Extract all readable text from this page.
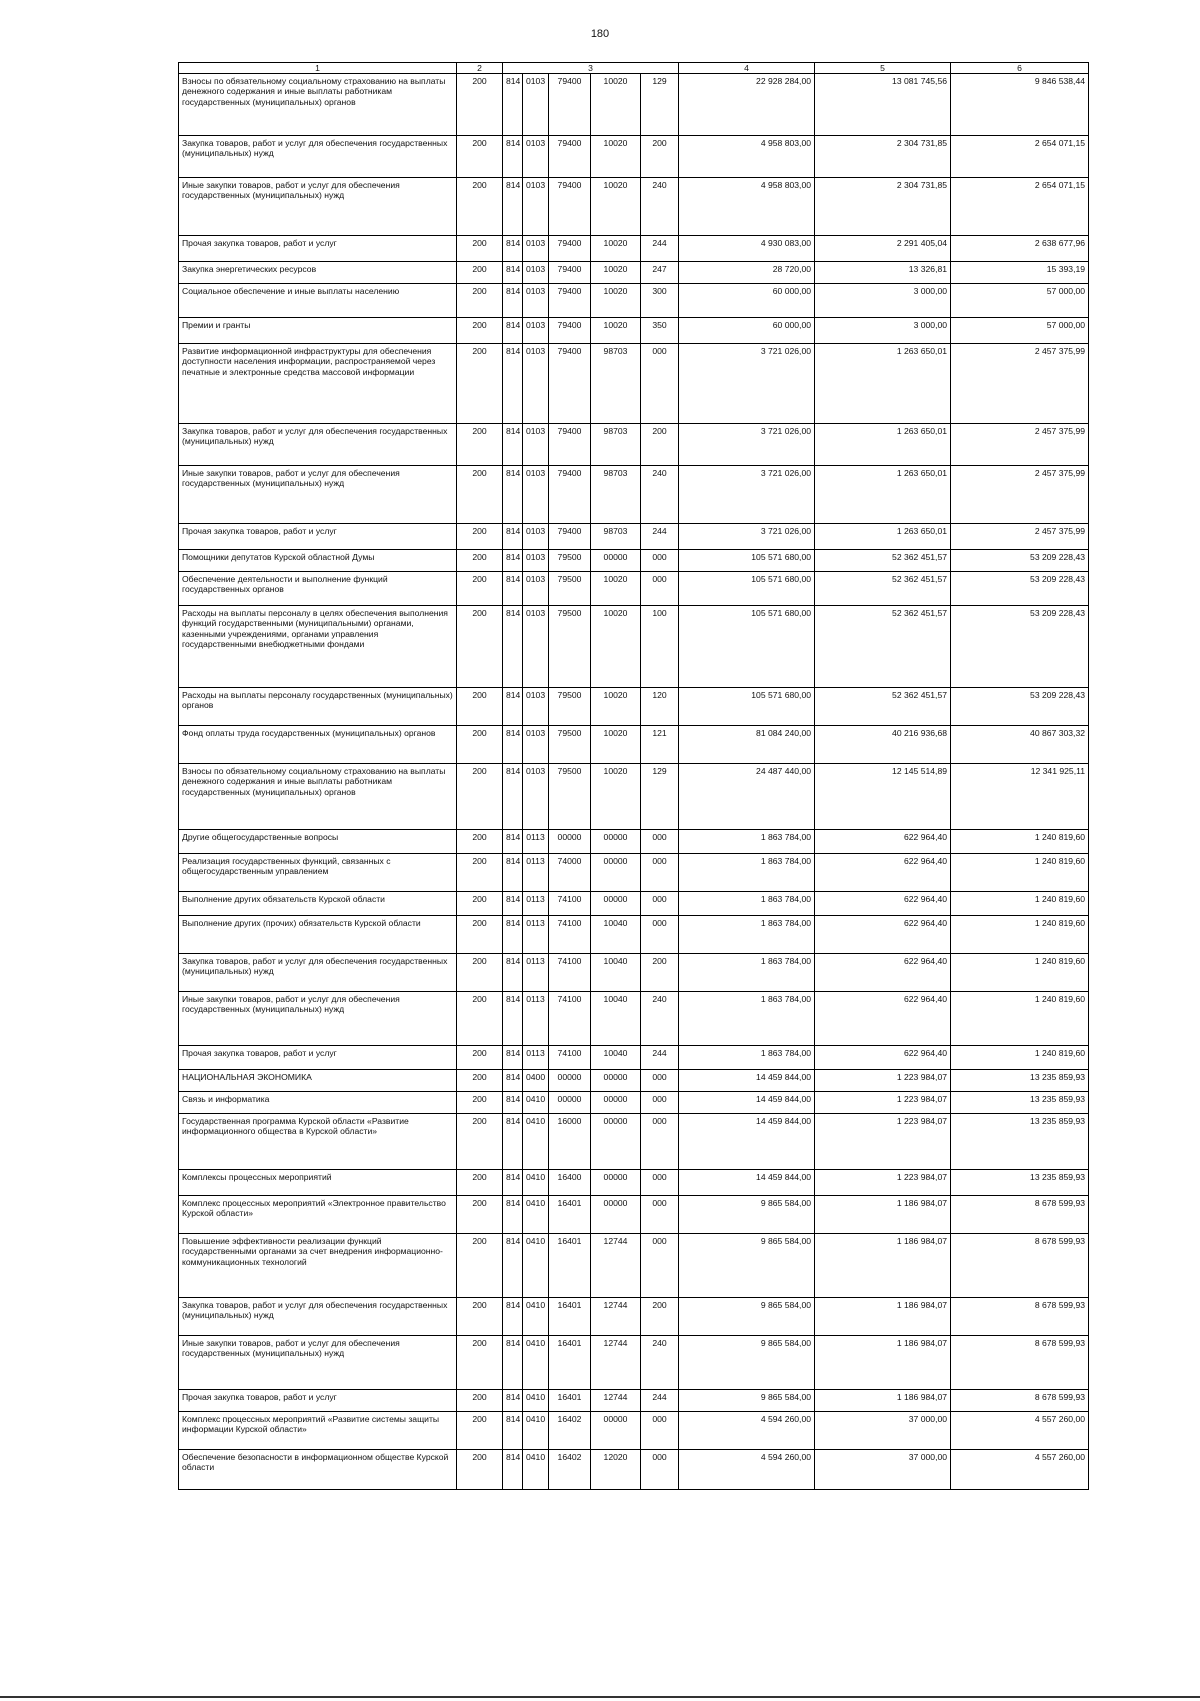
180
1	2	3					4	5	6
Взносы по обязательному социальному страхованию на выплаты денежного содержания и иные выплаты работникам государственных (муниципальных) органов	200	814	0103	79400	10020	129	22 928 284,00	13 081 745,56	9 846 538,44
Закупка товаров, работ и услуг для обеспечения государственных (муниципальных) нужд	200	814	0103	79400	10020	200	4 958 803,00	2 304 731,85	2 654 071,15
Иные закупки товаров, работ и услуг для обеспечения государственных (муниципальных) нужд	200	814	0103	79400	10020	240	4 958 803,00	2 304 731,85	2 654 071,15
Прочая закупка товаров, работ и услуг	200	814	0103	79400	10020	244	4 930 083,00	2 291 405,04	2 638 677,96
Закупка энергетических ресурсов	200	814	0103	79400	10020	247	28 720,00	13 326,81	15 393,19
Социальное обеспечение и иные выплаты населению	200	814	0103	79400	10020	300	60 000,00	3 000,00	57 000,00
Премии и гранты	200	814	0103	79400	10020	350	60 000,00	3 000,00	57 000,00
Развитие информационной инфраструктуры для обеспечения доступности населения информации, распространяемой через печатные и электронные средства массовой информации	200	814	0103	79400	98703	000	3 721 026,00	1 263 650,01	2 457 375,99
Закупка товаров, работ и услуг для обеспечения государственных (муниципальных) нужд	200	814	0103	79400	98703	200	3 721 026,00	1 263 650,01	2 457 375,99
Иные закупки товаров, работ и услуг для обеспечения государственных (муниципальных) нужд	200	814	0103	79400	98703	240	3 721 026,00	1 263 650,01	2 457 375,99
Прочая закупка товаров, работ и услуг	200	814	0103	79400	98703	244	3 721 026,00	1 263 650,01	2 457 375,99
Помощники депутатов Курской областной Думы	200	814	0103	79500	00000	000	105 571 680,00	52 362 451,57	53 209 228,43
Обеспечение деятельности и выполнение функций государственных органов	200	814	0103	79500	10020	000	105 571 680,00	52 362 451,57	53 209 228,43
Расходы на выплаты персоналу в целях обеспечения выполнения функций государственными (муниципальными) органами, казенными учреждениями, органами управления государственными внебюджетными фондами	200	814	0103	79500	10020	100	105 571 680,00	52 362 451,57	53 209 228,43
Расходы на выплаты персоналу государственных (муниципальных) органов	200	814	0103	79500	10020	120	105 571 680,00	52 362 451,57	53 209 228,43
Фонд оплаты труда государственных (муниципальных) органов	200	814	0103	79500	10020	121	81 084 240,00	40 216 936,68	40 867 303,32
Взносы по обязательному социальному страхованию на выплаты денежного содержания и иные выплаты работникам государственных (муниципальных) органов	200	814	0103	79500	10020	129	24 487 440,00	12 145 514,89	12 341 925,11
Другие общегосударственные вопросы	200	814	0113	00000	00000	000	1 863 784,00	622 964,40	1 240 819,60
Реализация государственных функций, связанных с общегосударственным управлением	200	814	0113	74000	00000	000	1 863 784,00	622 964,40	1 240 819,60
Выполнение других обязательств Курской области	200	814	0113	74100	00000	000	1 863 784,00	622 964,40	1 240 819,60
Выполнение других (прочих) обязательств Курской области	200	814	0113	74100	10040	000	1 863 784,00	622 964,40	1 240 819,60
Закупка товаров, работ и услуг для обеспечения государственных (муниципальных) нужд	200	814	0113	74100	10040	200	1 863 784,00	622 964,40	1 240 819,60
Иные закупки товаров, работ и услуг для обеспечения государственных (муниципальных) нужд	200	814	0113	74100	10040	240	1 863 784,00	622 964,40	1 240 819,60
Прочая закупка товаров, работ и услуг	200	814	0113	74100	10040	244	1 863 784,00	622 964,40	1 240 819,60
НАЦИОНАЛЬНАЯ ЭКОНОМИКА	200	814	0400	00000	00000	000	14 459 844,00	1 223 984,07	13 235 859,93
Связь и информатика	200	814	0410	00000	00000	000	14 459 844,00	1 223 984,07	13 235 859,93
Государственная программа Курской области «Развитие информационного общества в Курской области»	200	814	0410	16000	00000	000	14 459 844,00	1 223 984,07	13 235 859,93
Комплексы процессных мероприятий	200	814	0410	16400	00000	000	14 459 844,00	1 223 984,07	13 235 859,93
Комплекс процессных мероприятий «Электронное правительство Курской области»	200	814	0410	16401	00000	000	9 865 584,00	1 186 984,07	8 678 599,93
Повышение эффективности реализации функций государственными органами за счет внедрения информационно-коммуникационных технологий	200	814	0410	16401	12744	000	9 865 584,00	1 186 984,07	8 678 599,93
Закупка товаров, работ и услуг для обеспечения государственных (муниципальных) нужд	200	814	0410	16401	12744	200	9 865 584,00	1 186 984,07	8 678 599,93
Иные закупки товаров, работ и услуг для обеспечения государственных (муниципальных) нужд	200	814	0410	16401	12744	240	9 865 584,00	1 186 984,07	8 678 599,93
Прочая закупка товаров, работ и услуг	200	814	0410	16401	12744	244	9 865 584,00	1 186 984,07	8 678 599,93
Комплекс процессных мероприятий «Развитие системы защиты информации Курской области»	200	814	0410	16402	00000	000	4 594 260,00	37 000,00	4 557 260,00
Обеспечение безопасности в информационном обществе Курской области	200	814	0410	16402	12020	000	4 594 260,00	37 000,00	4 557 260,00
